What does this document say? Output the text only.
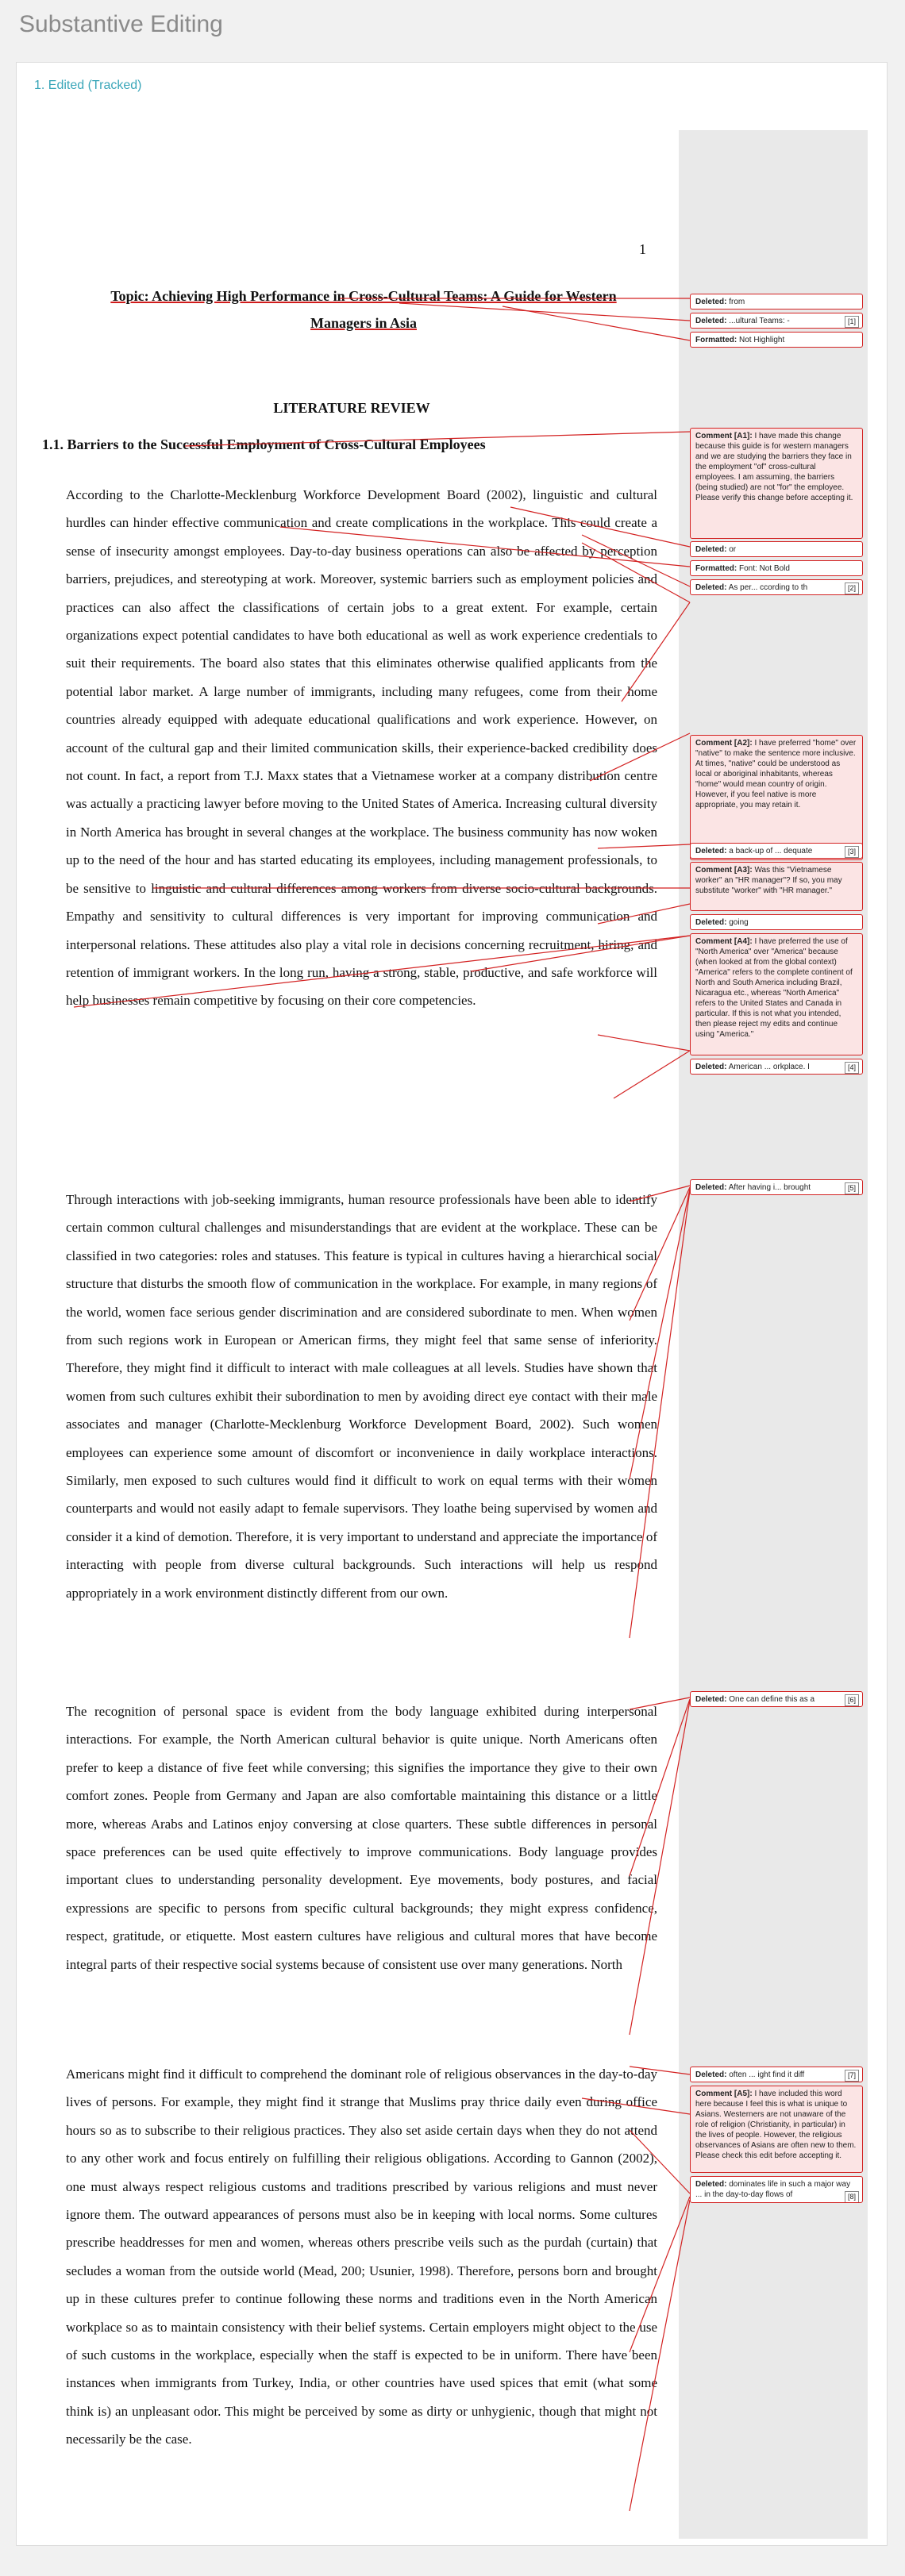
Substantive Editing
1. Edited (Tracked)
1
Topic: Achieving High Performance in Cross-Cultural Teams: A Guide for Western Managers in Asia
LITERATURE REVIEW
1.1. Barriers to the Successful Employment of Cross-Cultural Employees

According to the Charlotte-Mecklenburg Workforce Development Board (2002), linguistic and cultural hurdles can hinder effective communication and create complications in the workplace. This could create a sense of insecurity amongst employees. Day-to-day business operations can also be affected by perception barriers, prejudices, and stereotyping at work. Moreover, systemic barriers such as employment policies and practices can also affect the classifications of certain jobs to a great extent. For example, certain organizations expect potential candidates to have both educational as well as work experience credentials to suit their requirements. The board also states that this eliminates otherwise qualified applicants from the potential labor market. A large number of immigrants, including many refugees, come from their home countries already equipped with adequate educational qualifications and work experience. However, on account of the cultural gap and their limited communication skills, their experience-backed credibility does not count. In fact, a report from T.J. Maxx states that a Vietnamese worker at a company distribution centre was actually a practicing lawyer before moving to the United States of America. Increasing cultural diversity in North America has brought in several changes at the workplace. The business community has now woken up to the need of the hour and has started educating its employees, including management professionals, to be sensitive to linguistic and cultural differences among workers from diverse socio-cultural backgrounds. Empathy and sensitivity to cultural differences is very important for improving communication and interpersonal relations. These attitudes also play a vital role in decisions concerning recruitment, hiring, and retention of immigrant workers. In the long run, having a strong, stable, productive, and safe workforce will help businesses remain competitive by focusing on their core competencies.

Through interactions with job-seeking immigrants, human resource professionals have been able to identify certain common cultural challenges and misunderstandings that are evident at the workplace. These can be classified in two categories: roles and statuses. This feature is typical in cultures having a hierarchical social structure that disturbs the smooth flow of communication in the workplace. For example, in many regions of the world, women face serious gender discrimination and are considered subordinate to men. When women from such regions work in European or American firms, they might feel that same sense of inferiority. Therefore, they might find it difficult to interact with male colleagues at all levels. Studies have shown that women from such cultures exhibit their subordination to men by avoiding direct eye contact with their male associates and manager (Charlotte-Mecklenburg Workforce Development Board, 2002). Such women employees can experience some amount of discomfort or inconvenience in daily workplace interactions. Similarly, men exposed to such cultures would find it difficult to work on equal terms with their women counterparts and would not easily adapt to female supervisors. They loathe being supervised by women and consider it a kind of demotion. Therefore, it is very important to understand and appreciate the importance of interacting with people from diverse cultural backgrounds. Such interactions will help us respond appropriately in a work environment distinctly different from our own.

The recognition of personal space is evident from the body language exhibited during interpersonal interactions. For example, the North American cultural behavior is quite unique. North Americans often prefer to keep a distance of five feet while conversing; this signifies the importance they give to their own comfort zones. People from Germany and Japan are also comfortable maintaining this distance or a little more, whereas Arabs and Latinos enjoy conversing at close quarters. These subtle differences in personal space preferences can be used quite effectively to improve communications. Body language provides important clues to understanding personality development. Eye movements, body postures, and facial expressions are specific to persons from specific cultural backgrounds; they might express confidence, respect, gratitude, or etiquette. Most eastern cultures have religious and cultural mores that have become integral parts of their respective social systems because of consistent use over many generations. North

Americans might find it difficult to comprehend the dominant role of religious observances in the day-to-day lives of persons. For example, they might find it strange that Muslims pray thrice daily even during office hours so as to subscribe to their religious practices. They also set aside certain days when they do not attend to any other work and focus entirely on fulfilling their religious obligations. According to Gannon (2002), one must always respect religious customs and traditions prescribed by various religions and must never ignore them. The outward appearances of persons must also be in keeping with local norms. Some cultures prescribe headdresses for men and women, whereas others prescribe veils such as the purdah (curtain) that secludes a woman from the outside world (Mead, 200; Usunier, 1998). Therefore, persons born and brought up in these cultures prefer to continue following these norms and traditions even in the North American workplace so as to maintain consistency with their belief systems. Certain employers might object to the use of such customs in the workplace, especially when the staff is expected to be in uniform. There have been instances when immigrants from Turkey, India, or other countries have used spices that emit (what some think is) an unpleasant odor. This might be perceived by some as dirty or unhygienic, though that might not necessarily be the case.

Deleted: from
Deleted: ...ultural Teams: -	[1]
Formatted: Not Highlight
Comment [A1]: I have made this change because this guide is for western managers and we are studying the barriers they face in the employment "of" cross-cultural employees. I am assuming, the barriers (being studied) are not "for" the employee. Please verify this change before accepting it.
Deleted: or
Formatted: Font: Not Bold
Deleted: As per... ccording to th	[2]
Comment [A2]: I have preferred "home" over "native" to make the sentence more inclusive. At times, "native" could be understood as local or aboriginal inhabitants, whereas "home" would mean country of origin. However, if you feel native is more appropriate, you may retain it.
Deleted: a back-up of ... dequate	[3]
Comment [A3]: Was this "Vietnamese worker" an "HR manager"? If so, you may substitute "worker" with "HR manager."
Deleted: going
Comment [A4]: I have preferred the use of "North America" over "America" because (when looked at from the global context) "America" refers to the complete continent of North and South America including Brazil, Nicaragua etc., whereas "North America" refers to the United States and Canada in particular. If this is not what you intended, then please reject my edits and continue using "America."
Deleted: American ... orkplace. I	[4]
Deleted: After having i... brought	[5]
Deleted: One can define this as a	[6]
Deleted: often ... ight find it diff	[7]
Comment [A5]: I have included this word here because I feel this is what is unique to Asians. Westerners are not unaware of the role of religion (Christianity, in particular) in the lives of people. However, the religious observances of Asians are often new to them. Please check this edit before accepting it.
Deleted: dominates life in such a major way ... in the day-to-day flows of	[8]
